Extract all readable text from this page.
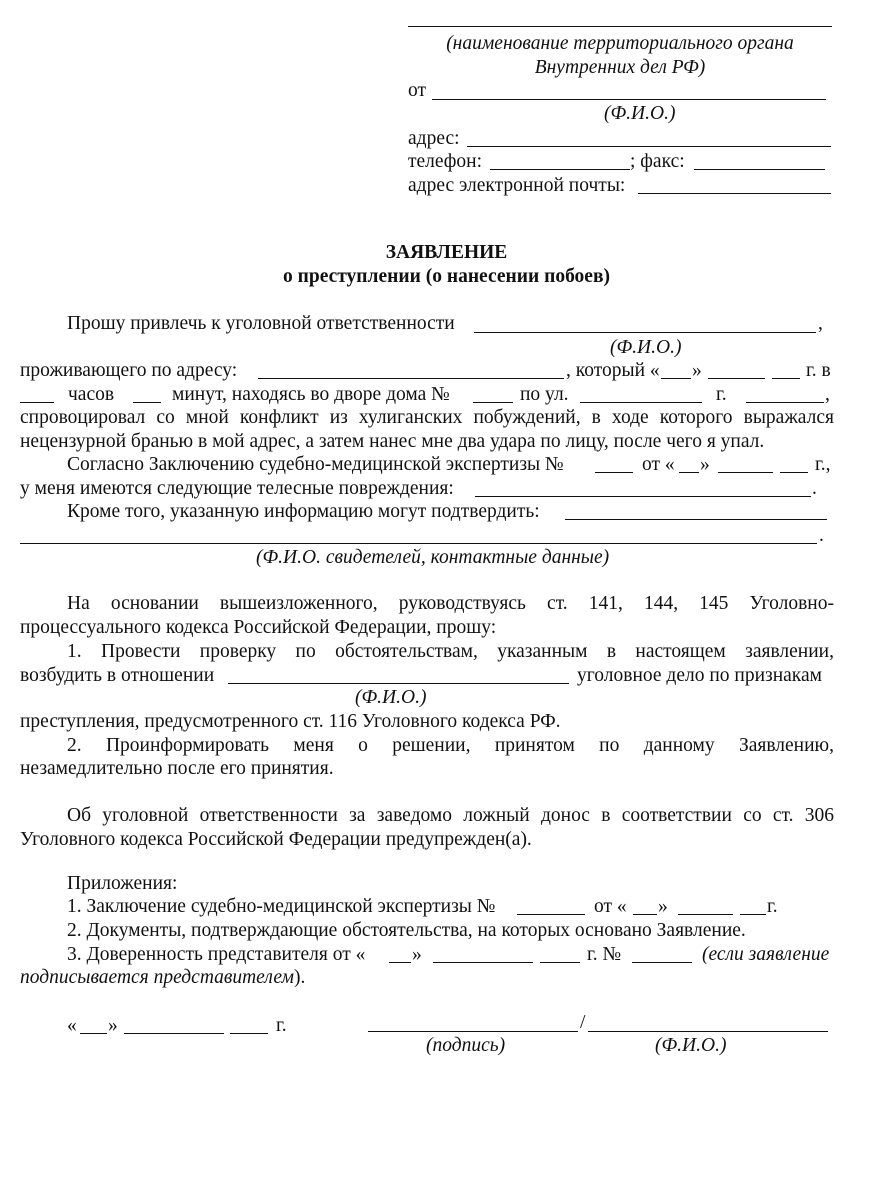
(наименование территориального органа
Внутренних дел РФ)
от
(Ф.И.О.)
адрес:
телефон:	; факс:
адрес электронной почты:
ЗАЯВЛЕНИЕ
о преступлении (о нанесении побоев)
Прошу привлечь к уголовной ответственности	,
(Ф.И.О.)
проживающего по адресу:	, который « »	г. в
часов	минут, находясь во дворе дома №	по ул.	г.	,
спровоцировал со мной конфликт из хулиганских побуждений, в ходе которого выражался
нецензурной бранью в мой адрес, а затем нанес мне два удара по лицу, после чего я упал.
Согласно Заключению судебно-медицинской экспертизы №	от « »	г.,
у меня имеются следующие телесные повреждения:	.
Кроме того, указанную информацию могут подтвердить:
.
(Ф.И.О. свидетелей, контактные данные)
На основании вышеизложенного, руководствуясь ст. 141, 144, 145 Уголовно-
процессуального кодекса Российской Федерации, прошу:
1. Провести проверку по обстоятельствам, указанным в настоящем заявлении,
возбудить в отношении	уголовное дело по признакам
(Ф.И.О.)
преступления, предусмотренного ст. 116 Уголовного кодекса РФ.
2. Проинформировать меня о решении, принятом по данному Заявлению,
незамедлительно после его принятия.
Об уголовной ответственности за заведомо ложный донос в соответствии со ст. 306
Уголовного кодекса Российской Федерации предупрежден(а).
Приложения:
1. Заключение судебно-медицинской экспертизы №	от « »	г.
2. Документы, подтверждающие обстоятельства, на которых основано Заявление.
3. Доверенность представителя от « »	г. №	(если заявление
подписывается представителем).
« »	г.	/
(подпись)	(Ф.И.О.)
